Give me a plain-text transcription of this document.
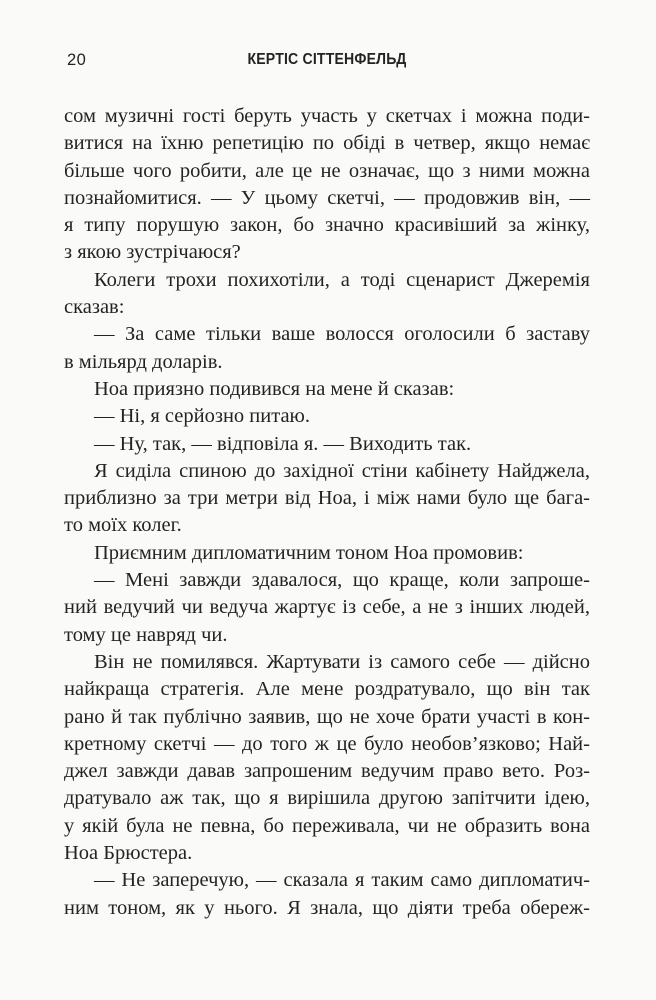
20	КЕРТІС СІТТЕНФЕЛЬД
сом музичні гості беруть участь у скетчах і можна поди-
витися на їхню репетицію по обіді в четвер, якщо немає
більше чого робити, але це не означає, що з ними можна
познайомитися. — У цьому скетчі, — продовжив він, —
я типу порушую закон, бо значно красивіший за жінку,
з якою зустрічаюся?
Колеги трохи похихотіли, а тоді сценарист Джеремія
сказав:
— За саме тільки ваше волосся оголосили б заставу
в мільярд доларів.
Ноа приязно подивився на мене й сказав:
— Ні, я серйозно питаю.
— Ну, так, — відповіла я. — Виходить так.
Я сиділа спиною до західної стіни кабінету Найджела,
приблизно за три метри від Ноа, і між нами було ще бага-
то моїх колег.
Приємним дипломатичним тоном Ноа промовив:
— Мені завжди здавалося, що краще, коли запроше-
ний ведучий чи ведуча жартує із себе, а не з інших людей,
тому це навряд чи.
Він не помилявся. Жартувати із самого себе — дійсно
найкраща стратегія. Але мене роздратувало, що він так
рано й так публічно заявив, що не хоче брати участі в кон-
кретному скетчі — до того ж це було необов’язково; Най-
джел завжди давав запрошеним ведучим право вето. Роз-
дратувало аж так, що я вирішила другою запітчити ідею,
у якій була не певна, бо переживала, чи не образить вона
Ноа Брюстера.
— Не заперечую, — сказала я таким само дипломатич-
ним тоном, як у нього. Я знала, що діяти треба обереж-
